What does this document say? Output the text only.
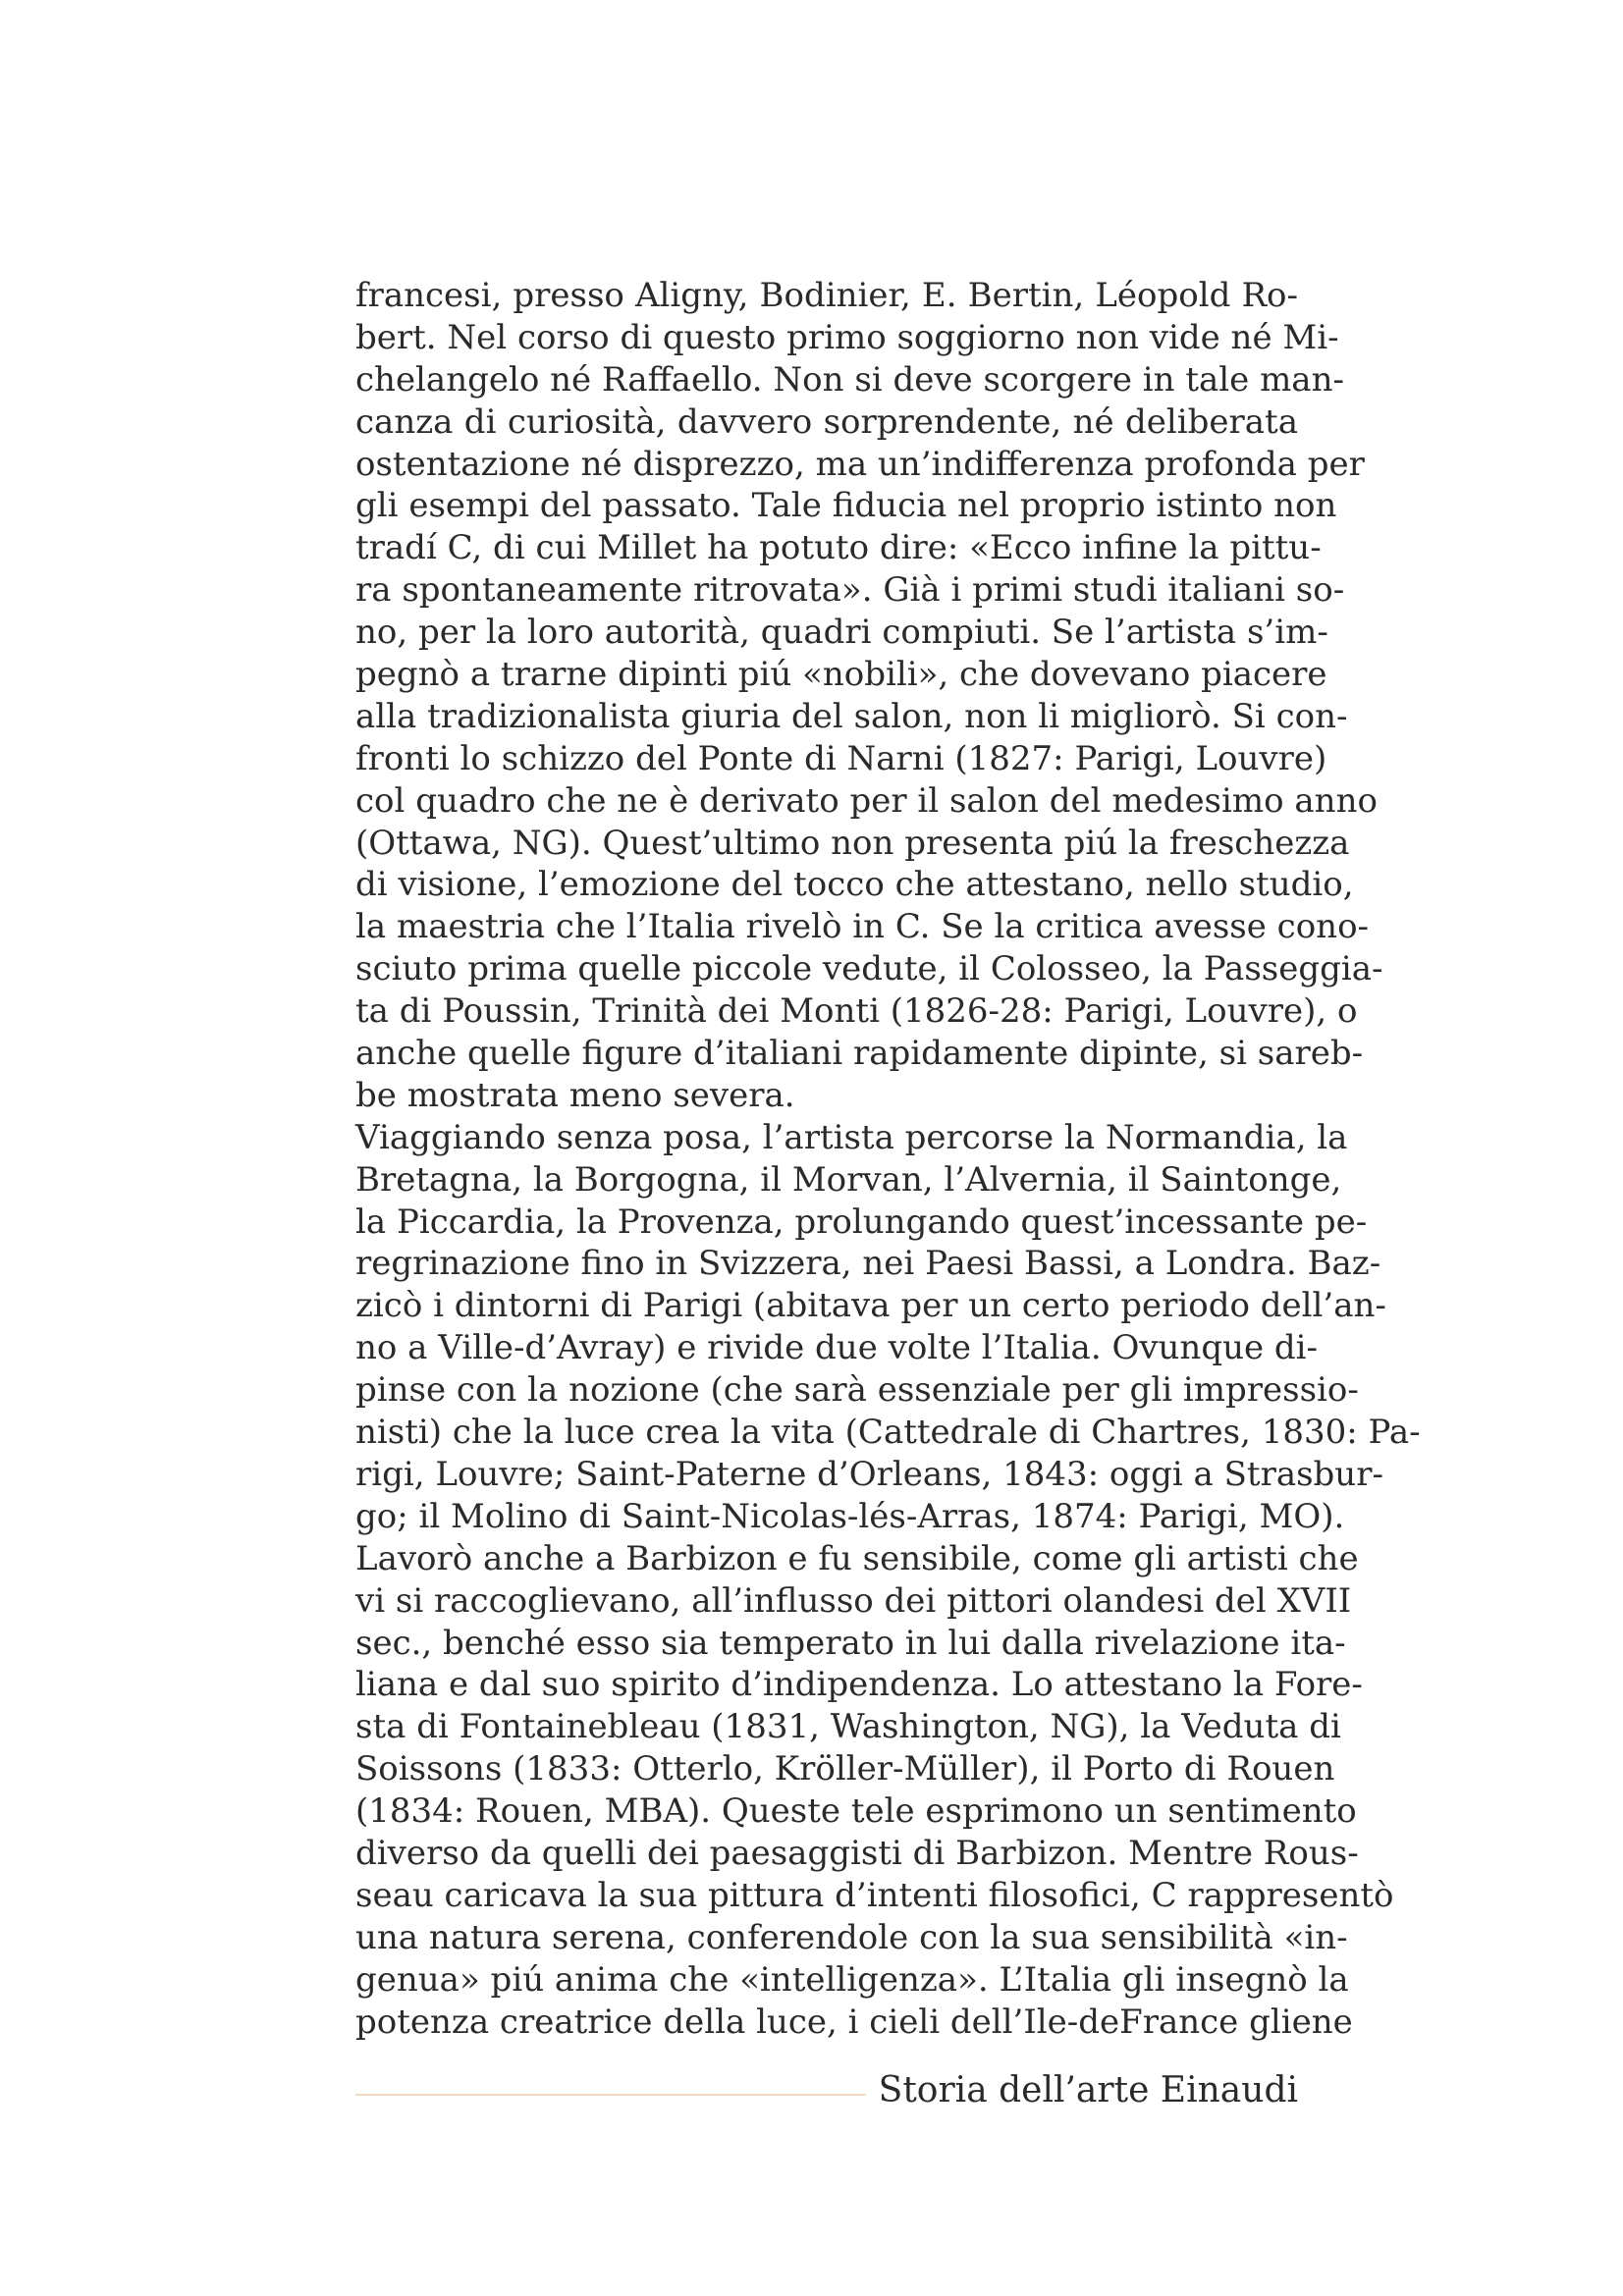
francesi, presso Aligny, Bodinier, E. Bertin, Léopold Ro-
bert. Nel corso di questo primo soggiorno non vide né Mi-
chelangelo né Raffaello. Non si deve scorgere in tale man-
canza di curiosità, davvero sorprendente, né deliberata
ostentazione né disprezzo, ma un’indifferenza profonda per
gli esempi del passato. Tale fiducia nel proprio istinto non
tradí C, di cui Millet ha potuto dire: «Ecco infine la pittu-
ra spontaneamente ritrovata». Già i primi studi italiani so-
no, per la loro autorità, quadri compiuti. Se l’artista s’im-
pegnò a trarne dipinti piú «nobili», che dovevano piacere
alla tradizionalista giuria del salon, non li migliorò. Si con-
fronti lo schizzo del Ponte di Narni (1827: Parigi, Louvre)
col quadro che ne è derivato per il salon del medesimo anno
(Ottawa, NG). Quest’ultimo non presenta piú la freschezza
di visione, l’emozione del tocco che attestano, nello studio,
la maestria che l’Italia rivelò in C. Se la critica avesse cono-
sciuto prima quelle piccole vedute, il Colosseo, la Passeggia-
ta di Poussin, Trinità dei Monti (1826-28: Parigi, Louvre), o
anche quelle figure d’italiani rapidamente dipinte, si sareb-
be mostrata meno severa.
Viaggiando senza posa, l’artista percorse la Normandia, la
Bretagna, la Borgogna, il Morvan, l’Alvernia, il Saintonge,
la Piccardia, la Provenza, prolungando quest’incessante pe-
regrinazione fino in Svizzera, nei Paesi Bassi, a Londra. Baz-
zicò i dintorni di Parigi (abitava per un certo periodo dell’an-
no a Ville-d’Avray) e rivide due volte l’Italia. Ovunque di-
pinse con la nozione (che sarà essenziale per gli impressio-
nisti) che la luce crea la vita (Cattedrale di Chartres, 1830: Pa-
rigi, Louvre; Saint-Paterne d’Orleans, 1843: oggi a Strasbur-
go; il Molino di Saint-Nicolas-lés-Arras, 1874: Parigi, MO).
Lavorò anche a Barbizon e fu sensibile, come gli artisti che
vi si raccoglievano, all’influsso dei pittori olandesi del XVII
sec., benché esso sia temperato in lui dalla rivelazione ita-
liana e dal suo spirito d’indipendenza. Lo attestano la Fore-
sta di Fontainebleau (1831, Washington, NG), la Veduta di
Soissons (1833: Otterlo, Kröller-Müller), il Porto di Rouen
(1834: Rouen, MBA). Queste tele esprimono un sentimento
diverso da quelli dei paesaggisti di Barbizon. Mentre Rous-
seau caricava la sua pittura d’intenti filosofici, C rappresentò
una natura serena, conferendole con la sua sensibilità «in-
genua» piú anima che «intelligenza». L’Italia gli insegnò la
potenza creatrice della luce, i cieli dell’Ile-deFrance gliene
Storia dell’arte Einaudi
